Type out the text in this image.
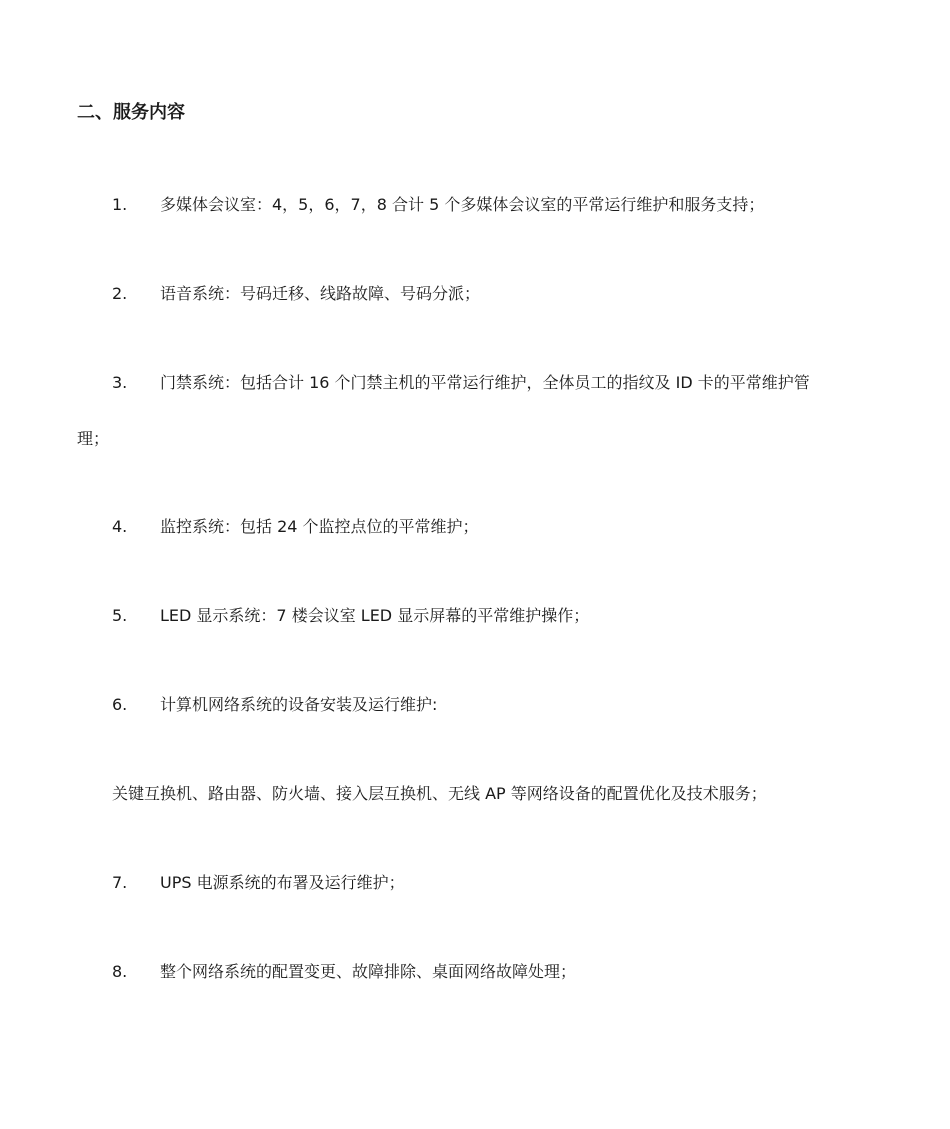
二、服务内容
1. 多媒体会议室：4，5，6，7，8 合计 5 个多媒体会议室的平常运行维护和服务支持；
2. 语音系统：号码迁移、线路故障、号码分派；
3. 门禁系统：包括合计 16 个门禁主机的平常运行维护，全体员工的指纹及 ID 卡的平常维护管
理；
4. 监控系统：包括 24 个监控点位的平常维护；
5. LED 显示系统：7 楼会议室 LED 显示屏幕的平常维护操作；
6. 计算机网络系统的设备安装及运行维护:
关键互换机、路由器、防火墙、接入层互换机、无线 AP 等网络设备的配置优化及技术服务；
7. UPS 电源系统的布署及运行维护；
8. 整个网络系统的配置变更、故障排除、桌面网络故障处理；
